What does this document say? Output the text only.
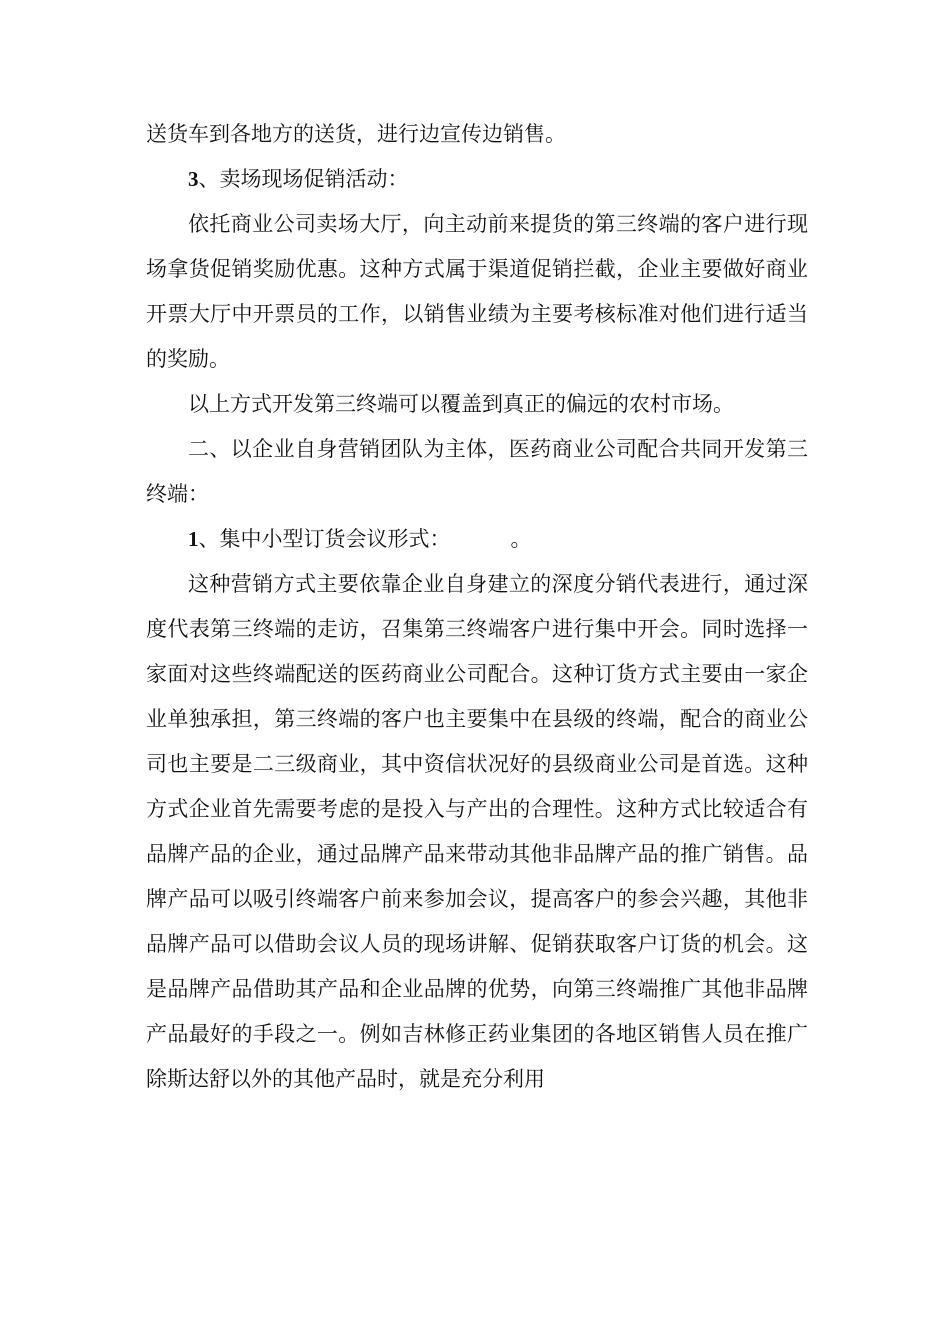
送货车到各地方的送货，进行边宣传边销售。

3、卖场现场促销活动：

依托商业公司卖场大厅，向主动前来提货的第三终端的客户进行现场拿货促销奖励优惠。这种方式属于渠道促销拦截，企业主要做好商业开票大厅中开票员的工作，以销售业绩为主要考核标准对他们进行适当的奖励。

以上方式开发第三终端可以覆盖到真正的偏远的农村市场。

二、以企业自身营销团队为主体，医药商业公司配合共同开发第三终端：

1、集中小型订货会议形式：	。

这种营销方式主要依靠企业自身建立的深度分销代表进行，通过深度代表第三终端的走访，召集第三终端客户进行集中开会。同时选择一家面对这些终端配送的医药商业公司配合。这种订货方式主要由一家企业单独承担，第三终端的客户也主要集中在县级的终端，配合的商业公司也主要是二三级商业，其中资信状况好的县级商业公司是首选。这种方式企业首先需要考虑的是投入与产出的合理性。这种方式比较适合有品牌产品的企业，通过品牌产品来带动其他非品牌产品的推广销售。品牌产品可以吸引终端客户前来参加会议，提高客户的参会兴趣，其他非品牌产品可以借助会议人员的现场讲解、促销获取客户订货的机会。这是品牌产品借助其产品和企业品牌的优势，向第三终端推广其他非品牌产品最好的手段之一。例如吉林修正药业集团的各地区销售人员在推广除斯达舒以外的其他产品时，就是充分利用
